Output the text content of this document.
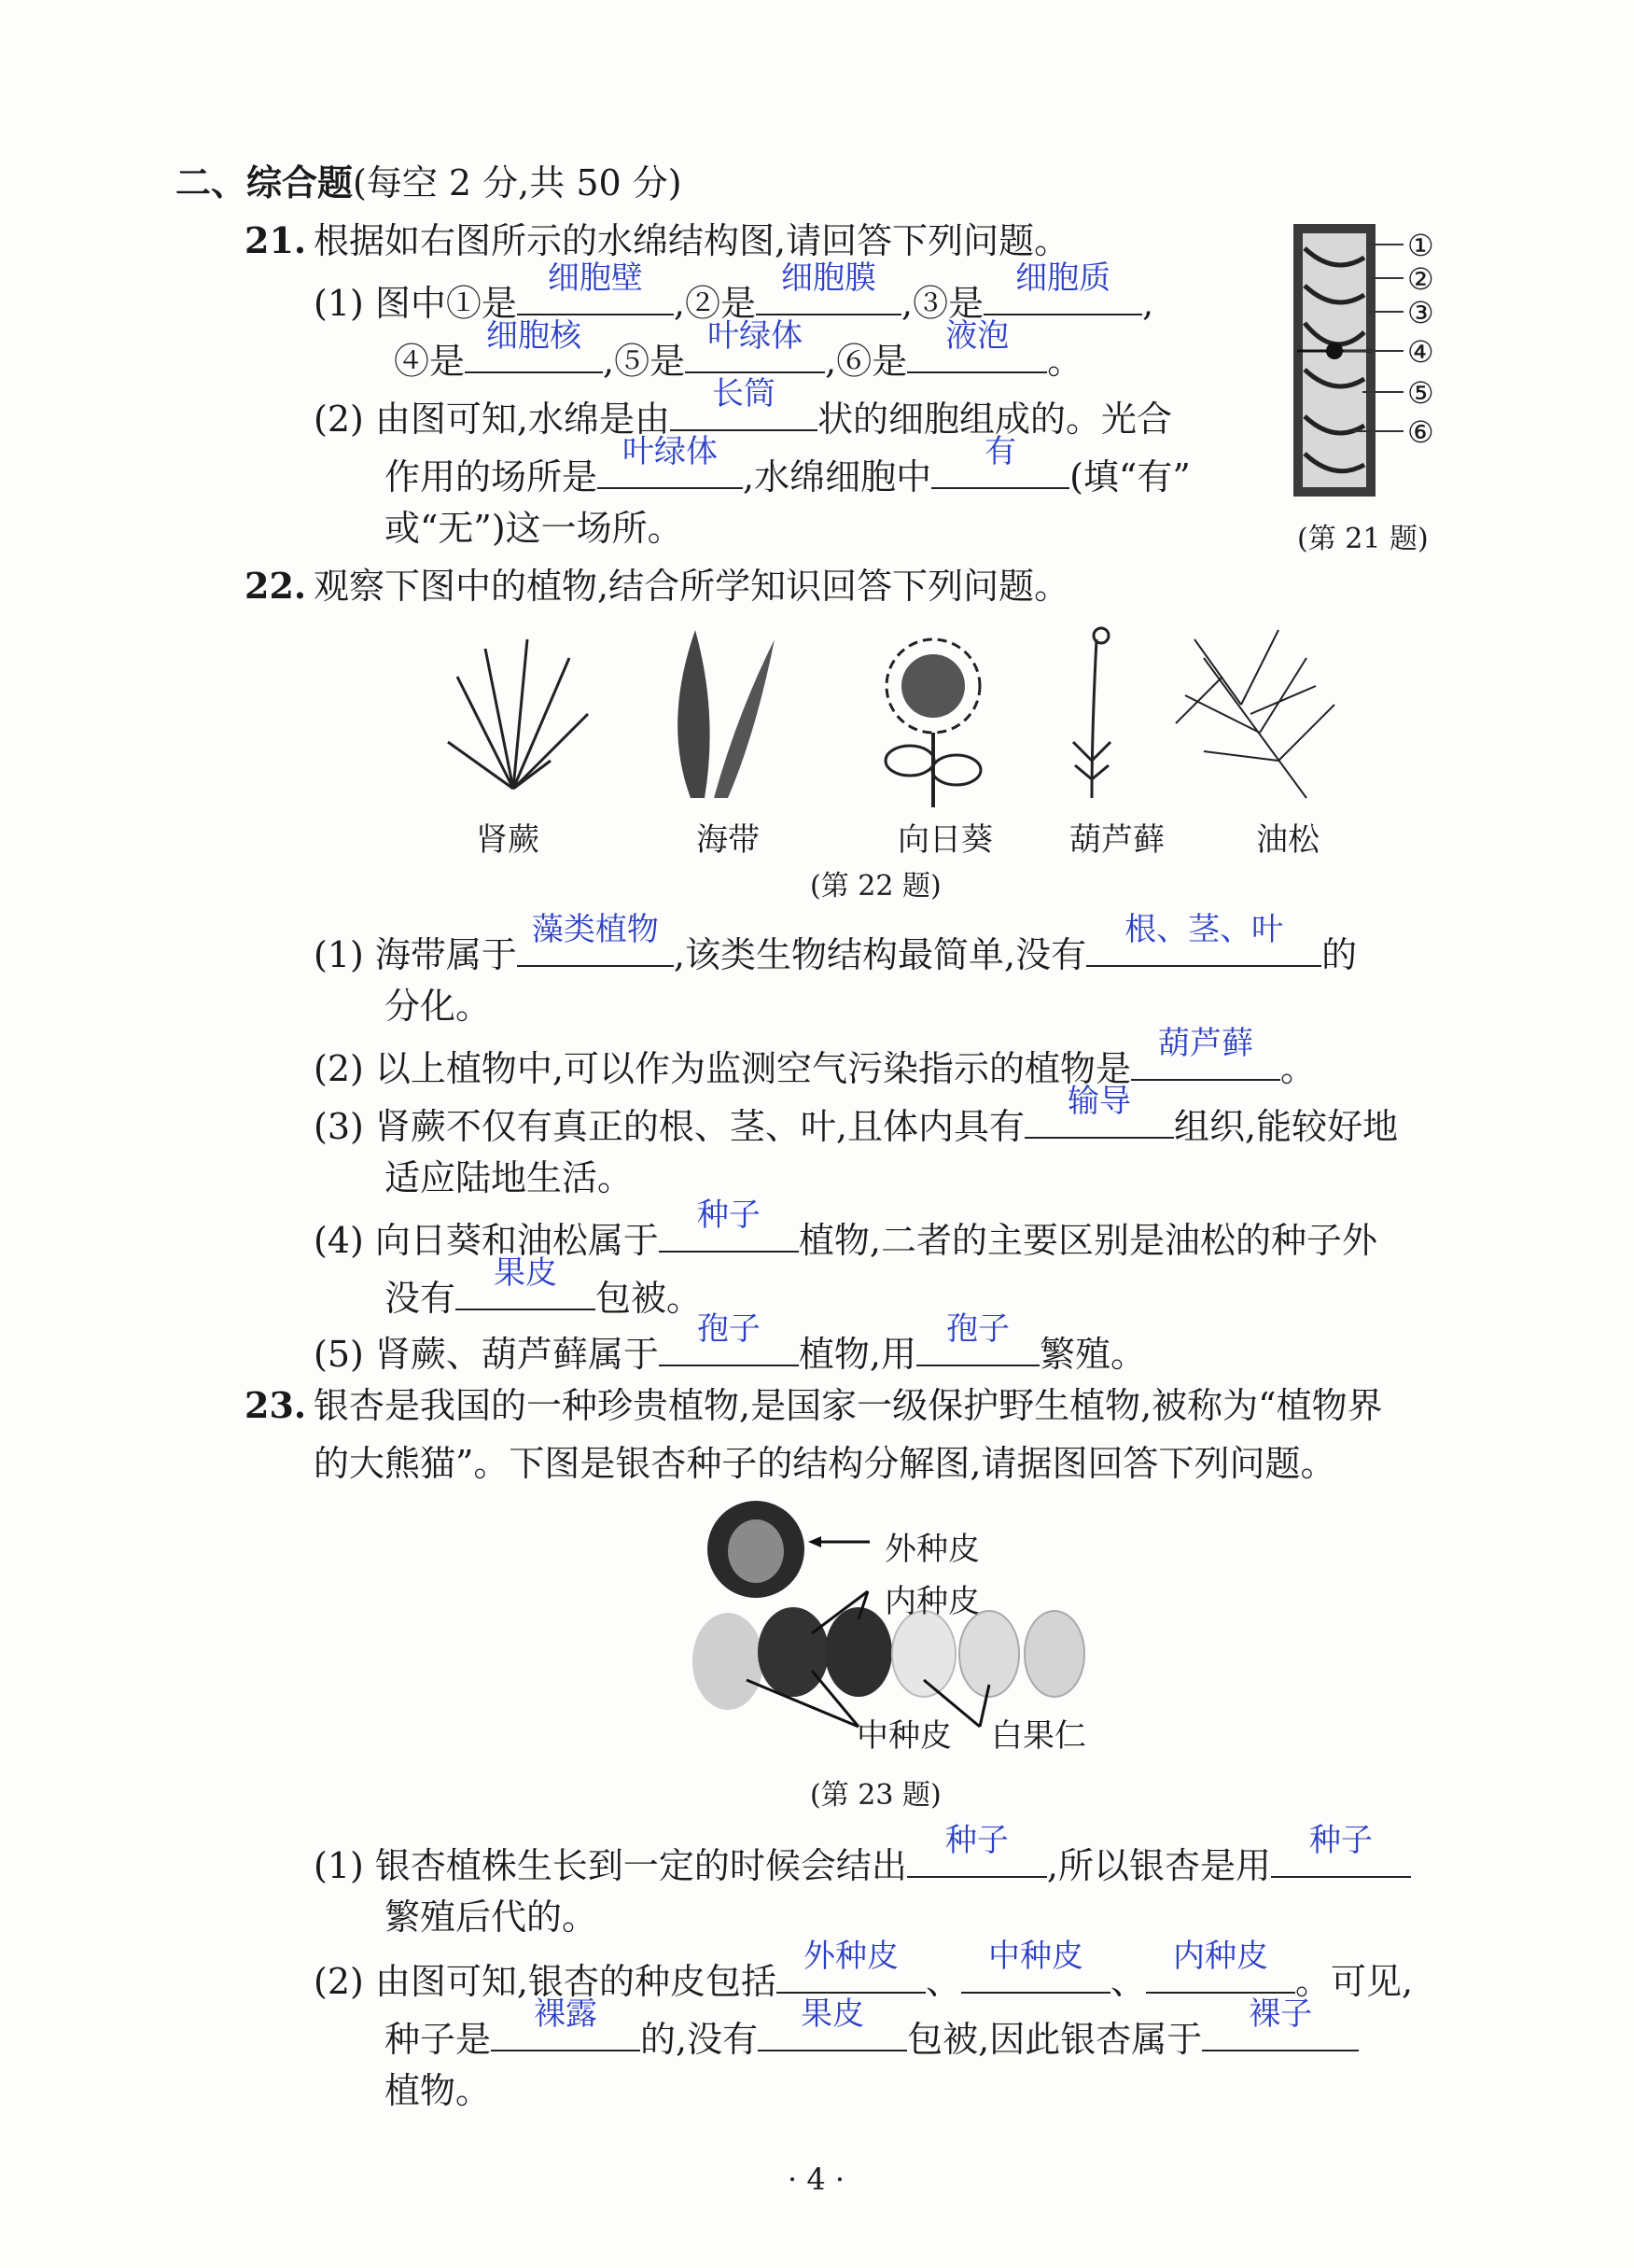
二、综合题(每空 2 分,共 50 分)
21. 根据如右图所示的水绵结构图,请回答下列问题。
(1) 图中①是
细胞壁
,②是
细胞膜
,③是
细胞质
,
④是
细胞核
,⑤是
叶绿体
,⑥是
液泡
。
(2) 由图可知,水绵是由
长筒
状的细胞组成的。光合
作用的场所是
叶绿体
,水绵细胞中
有
(填“有”
或“无”)这一场所。
①
②
③
④
⑤
⑥
(第 21 题)
22. 观察下图中的植物,结合所学知识回答下列问题。
肾蕨	海带	向日葵 葫芦藓	油松
(第 22 题)
(1) 海带属于
藻类植物
,该类生物结构最简单,没有
根、茎、叶
的
分化。
(2) 以上植物中,可以作为监测空气污染指示的植物是
葫芦藓
。
(3) 肾蕨不仅有真正的根、茎、叶,且体内具有
输导
组织,能较好地
适应陆地生活。
(4) 向日葵和油松属于
种子
植物,二者的主要区别是油松的种子外
没有
果皮
包被。
(5) 肾蕨、葫芦藓属于
孢子
植物,用
孢子
繁殖。
23. 银杏是我国的一种珍贵植物,是国家一级保护野生植物,被称为“植物界
的大熊猫”。下图是银杏种子的结构分解图,请据图回答下列问题。
外种皮
内种皮
中种皮 白果仁
(第 23 题)
(1) 银杏植株生长到一定的时候会结出
种子
,所以银杏是用
种子
繁殖后代的。
(2) 由图可知,银杏的种皮包括
外种皮
、
中种皮
、
内种皮
。可见,
种子是
裸露
的,没有
果皮
包被,因此银杏属于
裸子
植物。
· 4 ·
